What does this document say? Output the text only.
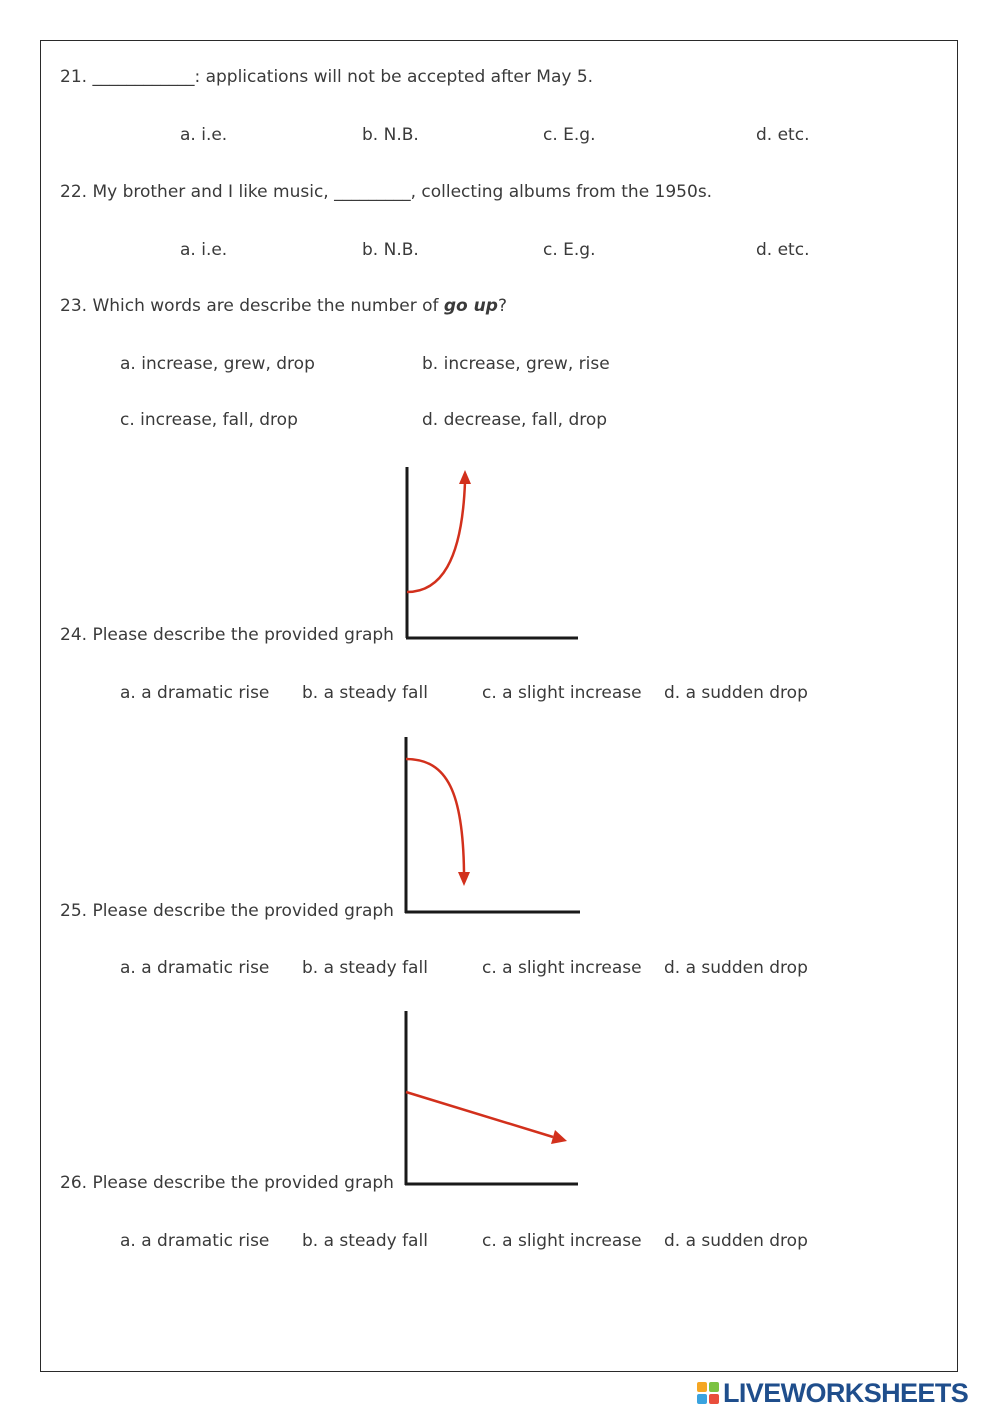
21. ____________: applications will not be accepted after May 5.
a. i.e.	b. N.B.	c. E.g.	d. etc.
22. My brother and I like music, _________, collecting albums from the 1950s.
a. i.e.	b. N.B.	c. E.g.	d. etc.
23. Which words are describe the number of go up?
a. increase, grew, drop	b. increase, grew, rise
c. increase, fall, drop	d. decrease, fall, drop
24. Please describe the provided graph
a. a dramatic rise b. a steady fall	c. a slight increase d. a sudden drop
25. Please describe the provided graph
a. a dramatic rise b. a steady fall	c. a slight increase d. a sudden drop
26. Please describe the provided graph
a. a dramatic rise b. a steady fall	c. a slight increase d. a sudden drop
LIVEWORKSHEETS
